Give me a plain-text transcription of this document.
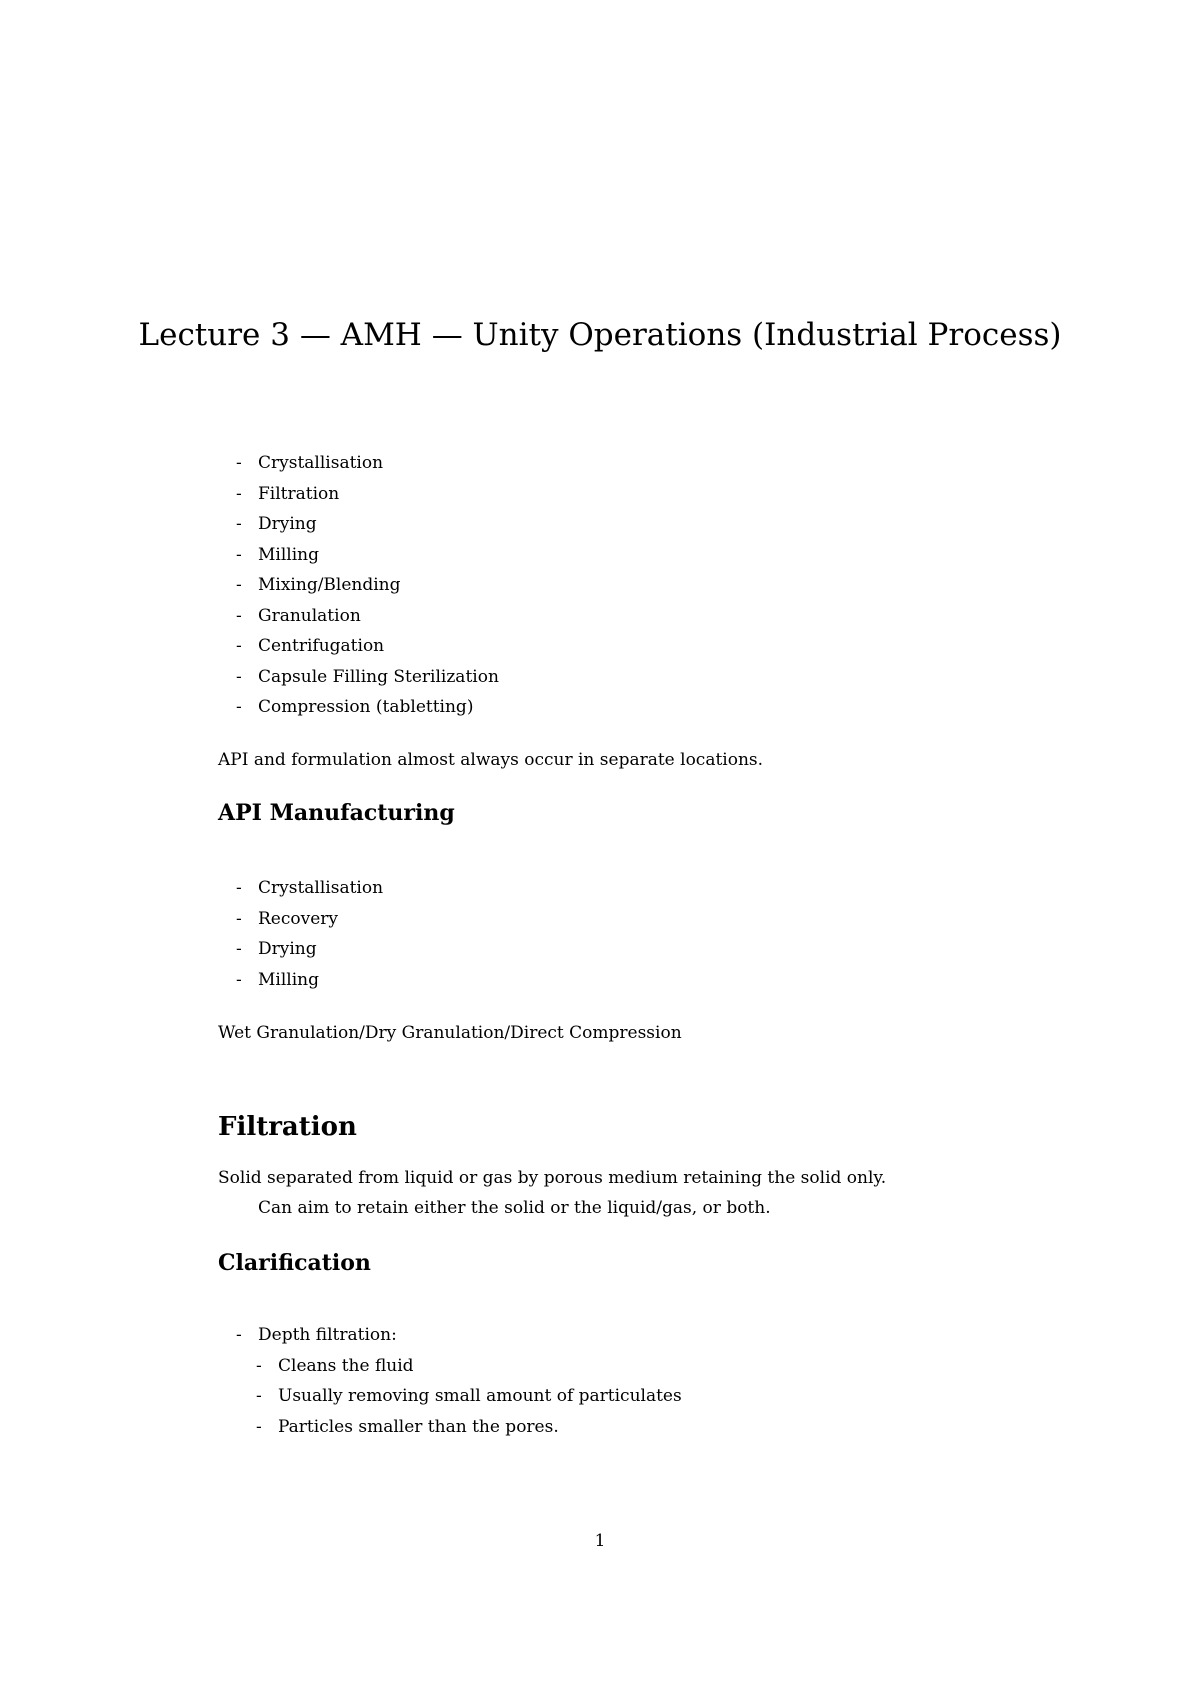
Lecture 3 — AMH — Unity Operations (Industrial Process)
- Crystallisation
- Filtration
- Drying
- Milling
- Mixing/Blending
- Granulation
- Centrifugation
- Capsule Filling Sterilization
- Compression (tabletting)

API and formulation almost always occur in separate locations.

API Manufacturing
- Crystallisation
- Recovery
- Drying
- Milling

Wet Granulation/Dry Granulation/Direct Compression

Filtration

Solid separated from liquid or gas by porous medium retaining the solid only.

Can aim to retain either the solid or the liquid/gas, or both.

Clarification
- Depth filtration:
- Cleans the fluid
- Usually removing small amount of particulates
- Particles smaller than the pores.

1
